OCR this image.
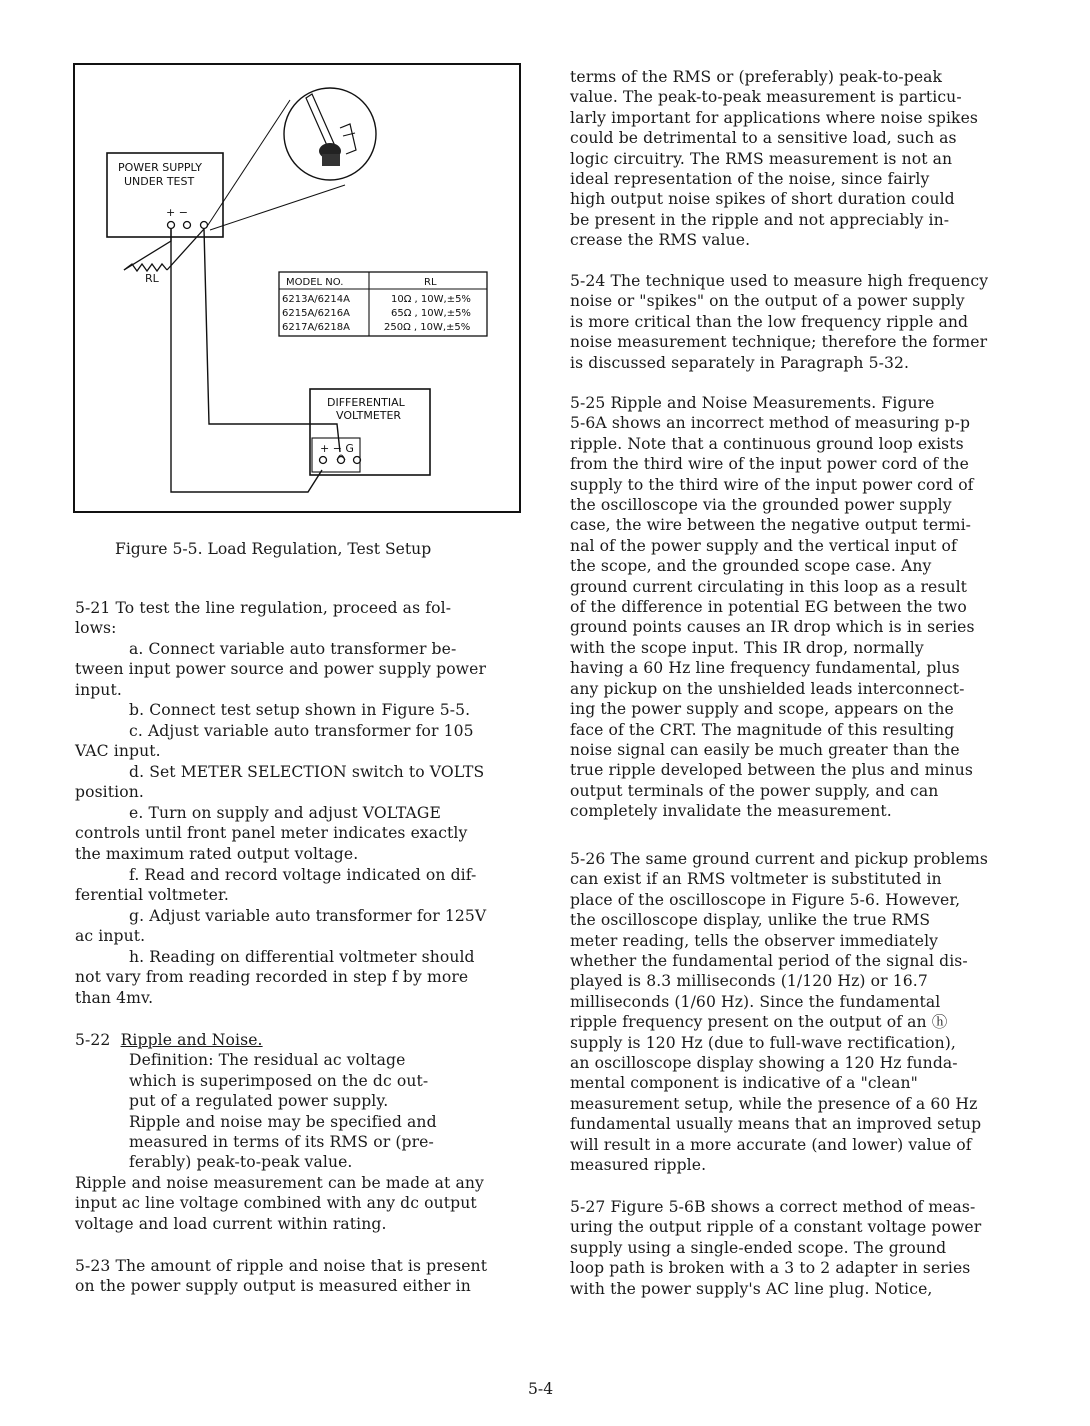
POWER SUPPLY
UNDER TEST
+ −
MODEL NO.	RL
6213A/6214A	10Ω , 10W,±5%
6215A/6216A	65Ω , 10W,±5%
6217A/6218A	250Ω , 10W,±5%
DIFFERENTIAL
VOLTMETER
+ − G
RL
Figure 5-5. Load Regulation, Test Setup
5-21 To test the line regulation, proceed as fol-
lows:
a. Connect variable auto transformer be-
tween input power source and power supply power
input.
b. Connect test setup shown in Figure 5-5.
c. Adjust variable auto transformer for 105
VAC input.
d. Set METER SELECTION switch to VOLTS
position.
e. Turn on supply and adjust VOLTAGE
controls until front panel meter indicates exactly
the maximum rated output voltage.
f. Read and record voltage indicated on dif-
ferential voltmeter.
g. Adjust variable auto transformer for 125V
ac input.
h. Reading on differential voltmeter should
not vary from reading recorded in step f by more
than 4mv.
5-22 Ripple and Noise.
Definition: The residual ac voltage
which is superimposed on the dc out-
put of a regulated power supply.
Ripple and noise may be specified and
measured in terms of its RMS or (pre-
ferably) peak-to-peak value.
Ripple and noise measurement can be made at any
input ac line voltage combined with any dc output
voltage and load current within rating.
5-23 The amount of ripple and noise that is present
on the power supply output is measured either in
terms of the RMS or (preferably) peak-to-peak
value. The peak-to-peak measurement is particu-
larly important for applications where noise spikes
could be detrimental to a sensitive load, such as
logic circuitry. The RMS measurement is not an
ideal representation of the noise, since fairly
high output noise spikes of short duration could
be present in the ripple and not appreciably in-
crease the RMS value.
5-24 The technique used to measure high frequency
noise or "spikes" on the output of a power supply
is more critical than the low frequency ripple and
noise measurement technique; therefore the former
is discussed separately in Paragraph 5-32.
5-25 Ripple and Noise Measurements. Figure
5-6A shows an incorrect method of measuring p-p
ripple. Note that a continuous ground loop exists
from the third wire of the input power cord of the
supply to the third wire of the input power cord of
the oscilloscope via the grounded power supply
case, the wire between the negative output termi-
nal of the power supply and the vertical input of
the scope, and the grounded scope case. Any
ground current circulating in this loop as a result
of the difference in potential EG between the two
ground points causes an IR drop which is in series
with the scope input. This IR drop, normally
having a 60 Hz line frequency fundamental, plus
any pickup on the unshielded leads interconnect-
ing the power supply and scope, appears on the
face of the CRT. The magnitude of this resulting
noise signal can easily be much greater than the
true ripple developed between the plus and minus
output terminals of the power supply, and can
completely invalidate the measurement.
5-26 The same ground current and pickup problems
can exist if an RMS voltmeter is substituted in
place of the oscilloscope in Figure 5-6. However,
the oscilloscope display, unlike the true RMS
meter reading, tells the observer immediately
whether the fundamental period of the signal dis-
played is 8.3 milliseconds (1/120 Hz) or 16.7
milliseconds (1/60 Hz). Since the fundamental
ripple frequency present on the output of an ⓗ
supply is 120 Hz (due to full-wave rectification),
an oscilloscope display showing a 120 Hz funda-
mental component is indicative of a "clean"
measurement setup, while the presence of a 60 Hz
fundamental usually means that an improved setup
will result in a more accurate (and lower) value of
measured ripple.
5-27 Figure 5-6B shows a correct method of meas-
uring the output ripple of a constant voltage power
supply using a single-ended scope. The ground
loop path is broken with a 3 to 2 adapter in series
with the power supply's AC line plug. Notice,
5-4
